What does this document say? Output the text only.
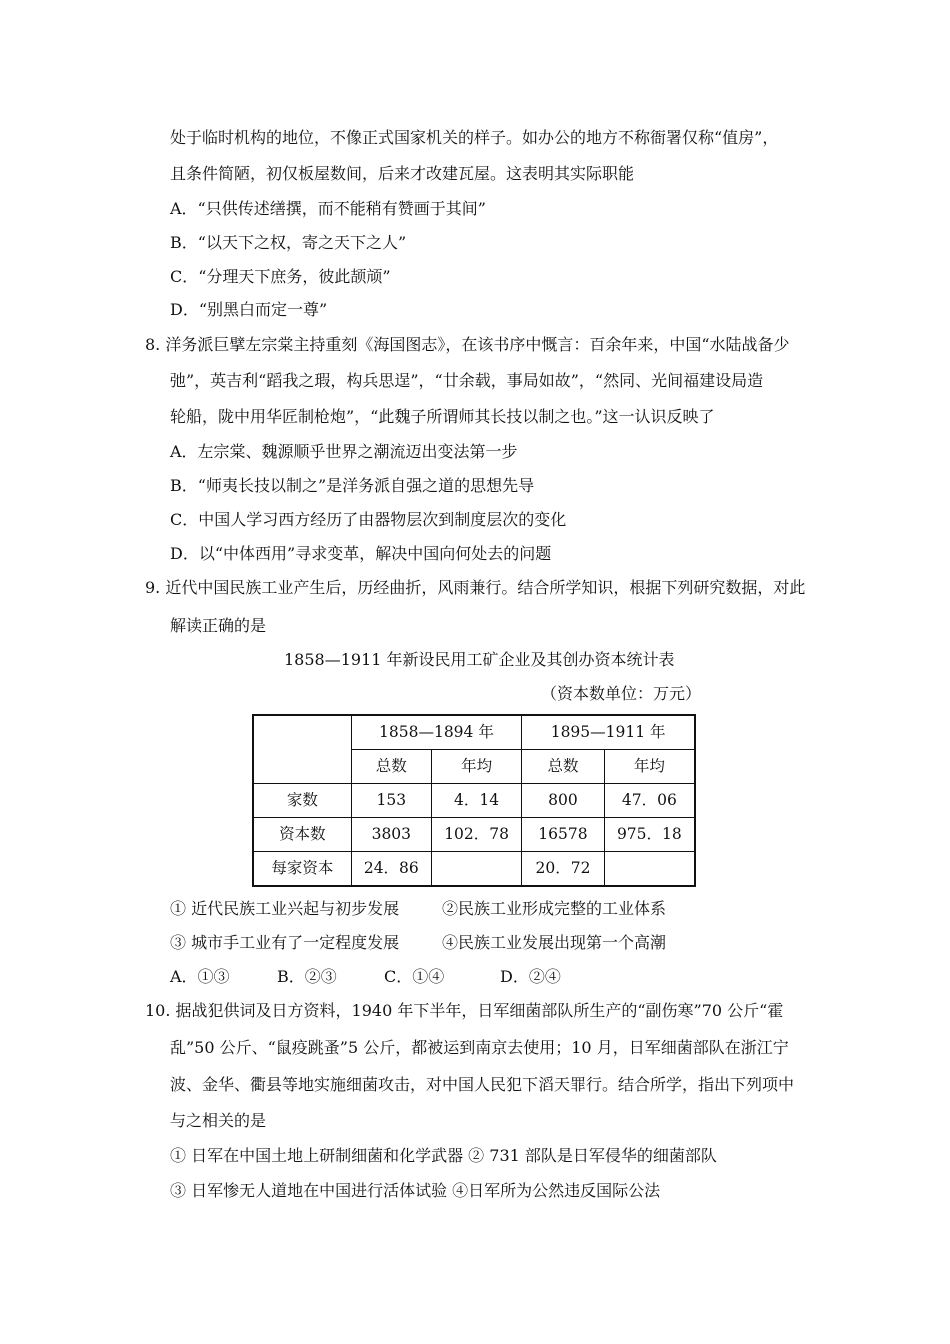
处于临时机构的地位，不像正式国家机关的样子。如办公的地方不称衙署仅称“值房”，
且条件简陋，初仅板屋数间，后来才改建瓦屋。这表明其实际职能
A．“只供传述缮撰，而不能稍有赞画于其间”
B．“以天下之权，寄之天下之人”
C．“分理天下庶务，彼此颉颃”
D．“别黑白而定一尊”
8. 洋务派巨擘左宗棠主持重刻《海国图志》，在该书序中慨言：百余年来，中国“水陆战备少
弛”，英吉利“蹈我之瑕，构兵思逞”，“廿余载，事局如故”，“然同、光间福建设局造
轮船，陇中用华匠制枪炮”，“此魏子所谓师其长技以制之也。”这一认识反映了
A．左宗棠、魏源顺乎世界之潮流迈出变法第一步
B．“师夷长技以制之”是洋务派自强之道的思想先导
C．中国人学习西方经历了由器物层次到制度层次的变化
D．以“中体西用”寻求变革，解决中国向何处去的问题
9. 近代中国民族工业产生后，历经曲折，风雨兼行。结合所学知识，根据下列研究数据，对此
解读正确的是
1858—1911 年新设民用工矿企业及其创办资本统计表
（资本数单位：万元）
	1858—1894 年		1895—1911 年	
	总数	年均	总数	年均
家数	153	4．14	800	47．06
资本数	3803	102．78	16578	975．18
每家资本	24．86		20．72	
① 近代民族工业兴起与初步发展	②民族工业形成完整的工业体系
③ 城市手工业有了一定程度发展	④民族工业发展出现第一个高潮
A．①③	B．②③	C．①④	D．②④
10. 据战犯供词及日方资料，1940 年下半年，日军细菌部队所生产的“副伤寒”70 公斤“霍
乱”50 公斤、“鼠疫跳蚤”5 公斤，都被运到南京去使用；10 月，日军细菌部队在浙江宁
波、金华、衢县等地实施细菌攻击，对中国人民犯下滔天罪行。结合所学，指出下列项中
与之相关的是
① 日军在中国土地上研制细菌和化学武器 ② 731 部队是日军侵华的细菌部队
③ 日军惨无人道地在中国进行活体试验 ④日军所为公然违反国际公法
